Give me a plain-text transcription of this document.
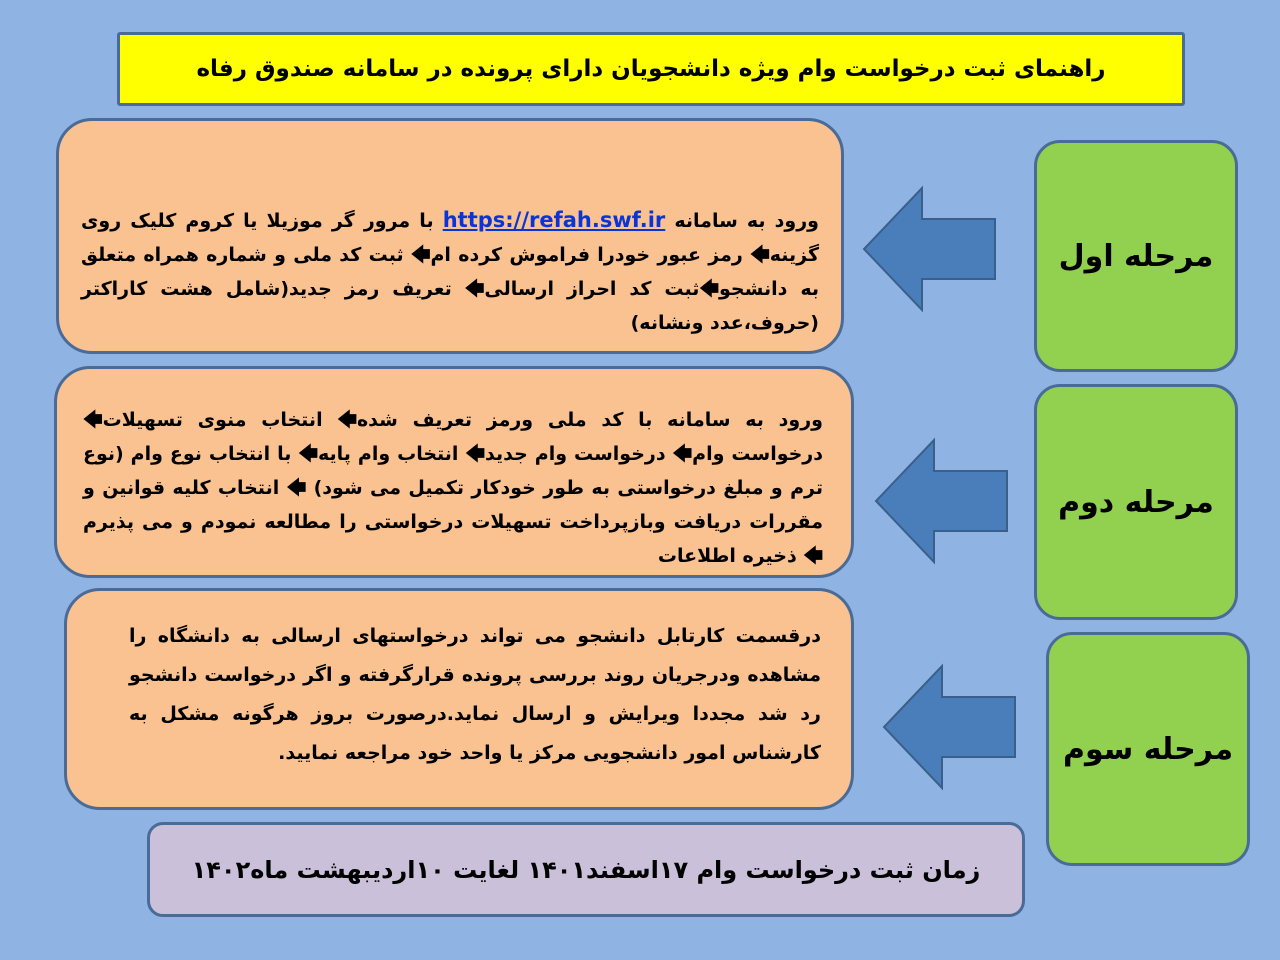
راهنمای ثبت درخواست وام ویژه دانشجویان دارای پرونده در سامانه صندوق رفاه
مرحله اول
ورود به سامانه https://refah.swf.ir با مرور گر موزیلا یا کروم کلیک روی گزینه🡄 رمز عبور خودرا فراموش کرده ام🡄 ثبت کد ملی و شماره همراه متعلق به دانشجو🡄ثبت کد احراز ارسالی🡄 تعریف رمز جدید(شامل هشت کاراکتر (حروف،عدد ونشانه)
مرحله دوم
ورود به سامانه با کد ملی ورمز تعریف شده🡄 انتخاب منوی تسهیلات🡄 درخواست وام🡄 درخواست وام جدید🡄 انتخاب وام پایه🡄 با انتخاب نوع وام (نوع ترم و مبلغ درخواستی به طور خودکار تکمیل می شود) 🡄 انتخاب کلیه قوانین و مقررات دریافت وبازپرداخت تسهیلات درخواستی را مطالعه نمودم و می پذیرم 🡄 ذخیره اطلاعات
مرحله سوم
درقسمت کارتابل دانشجو می تواند درخواستهای ارسالی به دانشگاه را مشاهده ودرجریان روند بررسی پرونده قرارگرفته و اگر درخواست دانشجو رد شد مجددا ویرایش و ارسال نماید.درصورت بروز هرگونه مشکل به کارشناس امور دانشجویی مرکز یا واحد خود مراجعه نمایید.
زمان ثبت درخواست وام ۱۷اسفند۱۴۰۱ لغایت ۱۰اردیبهشت ماه۱۴۰۲
